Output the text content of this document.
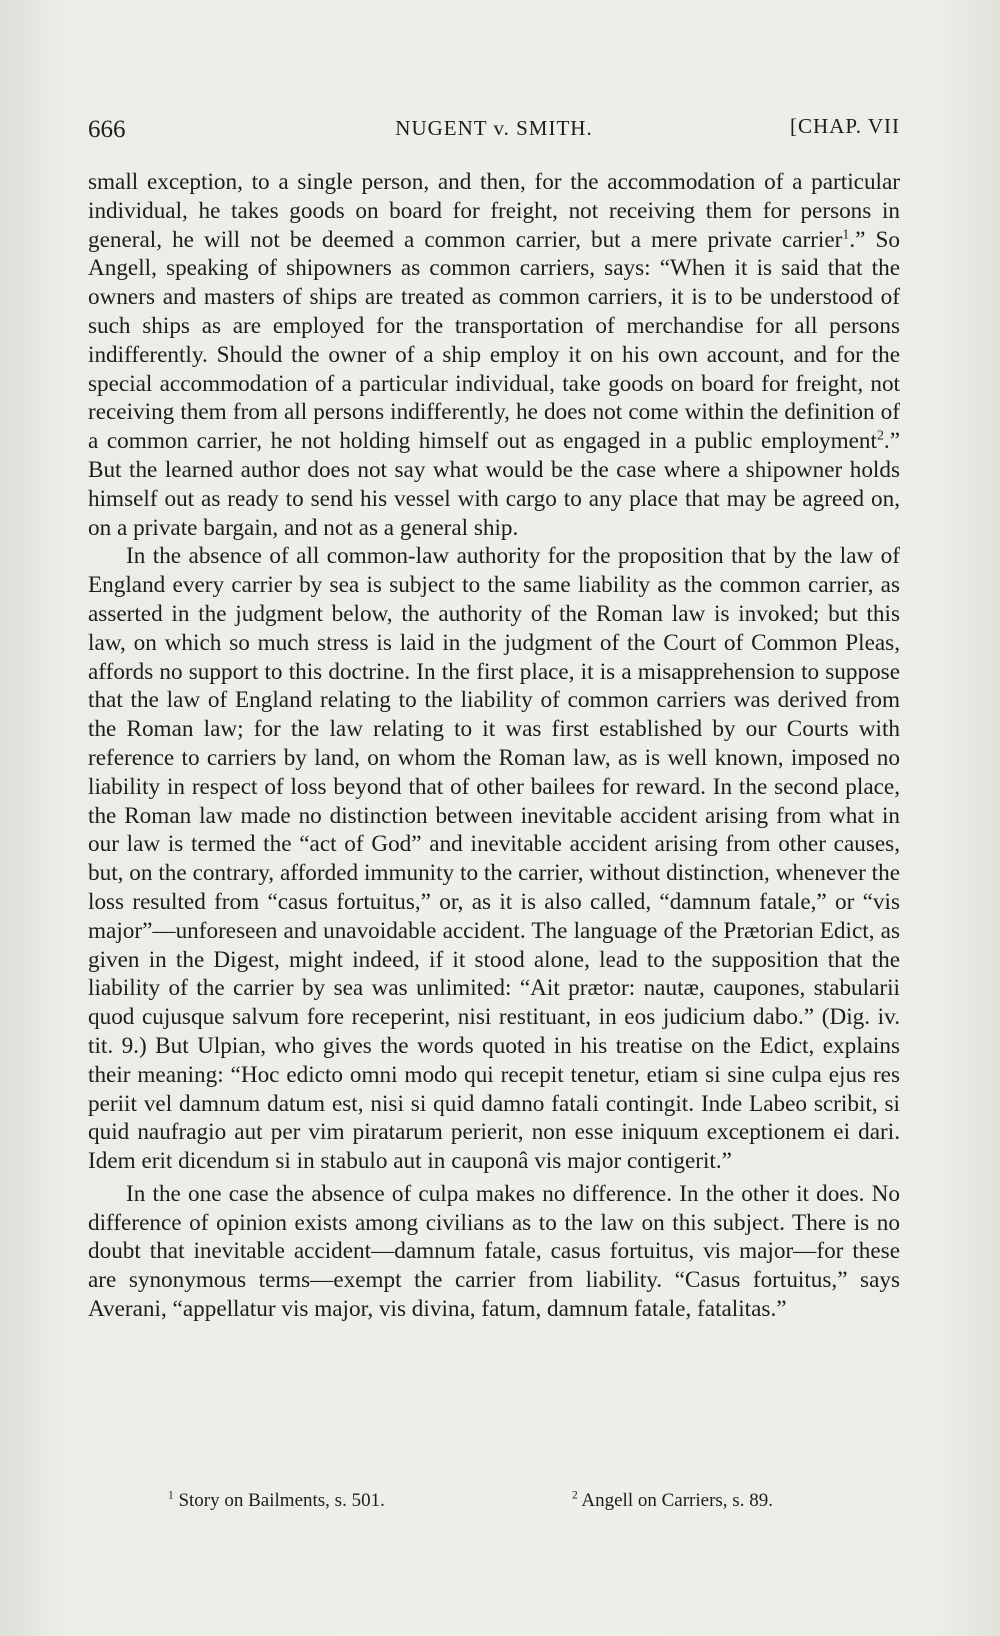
666	NUGENT v. SMITH.	[CHAP. VII

small exception, to a single person, and then, for the accommodation of a particular individual, he takes goods on board for freight, not receiving them for persons in general, he will not be deemed a common carrier, but a mere private carrier$^1$.” So Angell, speaking of shipowners as common carriers, says: “When it is said that the owners and masters of ships are treated as common carriers, it is to be understood of such ships as are employed for the transportation of merchandise for all persons indifferently. Should the owner of a ship employ it on his own account, and for the special accommodation of a particular individual, take goods on board for freight, not receiving them from all persons indifferently, he does not come within the definition of a common carrier, he not holding himself out as engaged in a public employment$^2$.” But the learned author does not say what would be the case where a shipowner holds himself out as ready to send his vessel with cargo to any place that may be agreed on, on a private bargain, and not as a general ship.

In the absence of all common-law authority for the proposition that by the law of England every carrier by sea is subject to the same liability as the common carrier, as asserted in the judgment below, the authority of the Roman law is invoked; but this law, on which so much stress is laid in the judgment of the Court of Common Pleas, affords no support to this doctrine. In the first place, it is a misapprehension to suppose that the law of England relating to the liability of common carriers was derived from the Roman law; for the law relating to it was first established by our Courts with reference to carriers by land, on whom the Roman law, as is well known, imposed no liability in respect of loss beyond that of other bailees for reward. In the second place, the Roman law made no distinction between inevitable accident arising from what in our law is termed the “act of God” and inevitable accident arising from other causes, but, on the contrary, afforded immunity to the carrier, without distinction, whenever the loss resulted from “casus fortuitus,” or, as it is also called, “damnum fatale,” or “vis major”—unforeseen and unavoidable accident. The language of the Prætorian Edict, as given in the Digest, might indeed, if it stood alone, lead to the supposition that the liability of the carrier by sea was unlimited: “Ait prætor: nautæ, caupones, stabularii quod cujusque salvum fore receperint, nisi restituant, in eos judicium dabo.” (Dig. iv. tit. 9.) But Ulpian, who gives the words quoted in his treatise on the Edict, explains their meaning: “Hoc edicto omni modo qui recepit tenetur, etiam si sine culpa ejus res periit vel damnum datum est, nisi si quid damno fatali contingit. Inde Labeo scribit, si quid naufragio aut per vim piratarum perierit, non esse iniquum exceptionem ei dari. Idem erit dicendum si in stabulo aut in cauponâ vis major contigerit.”

In the one case the absence of culpa makes no difference. In the other it does. No difference of opinion exists among civilians as to the law on this subject. There is no doubt that inevitable accident—damnum fatale, casus fortuitus, vis major—for these are synonymous terms—exempt the carrier from liability. “Casus fortuitus,” says Averani, “appellatur vis major, vis divina, fatum, damnum fatale, fatalitas.”

$^1$ Story on Bailments, s. 501.	$^2$ Angell on Carriers, s. 89.
